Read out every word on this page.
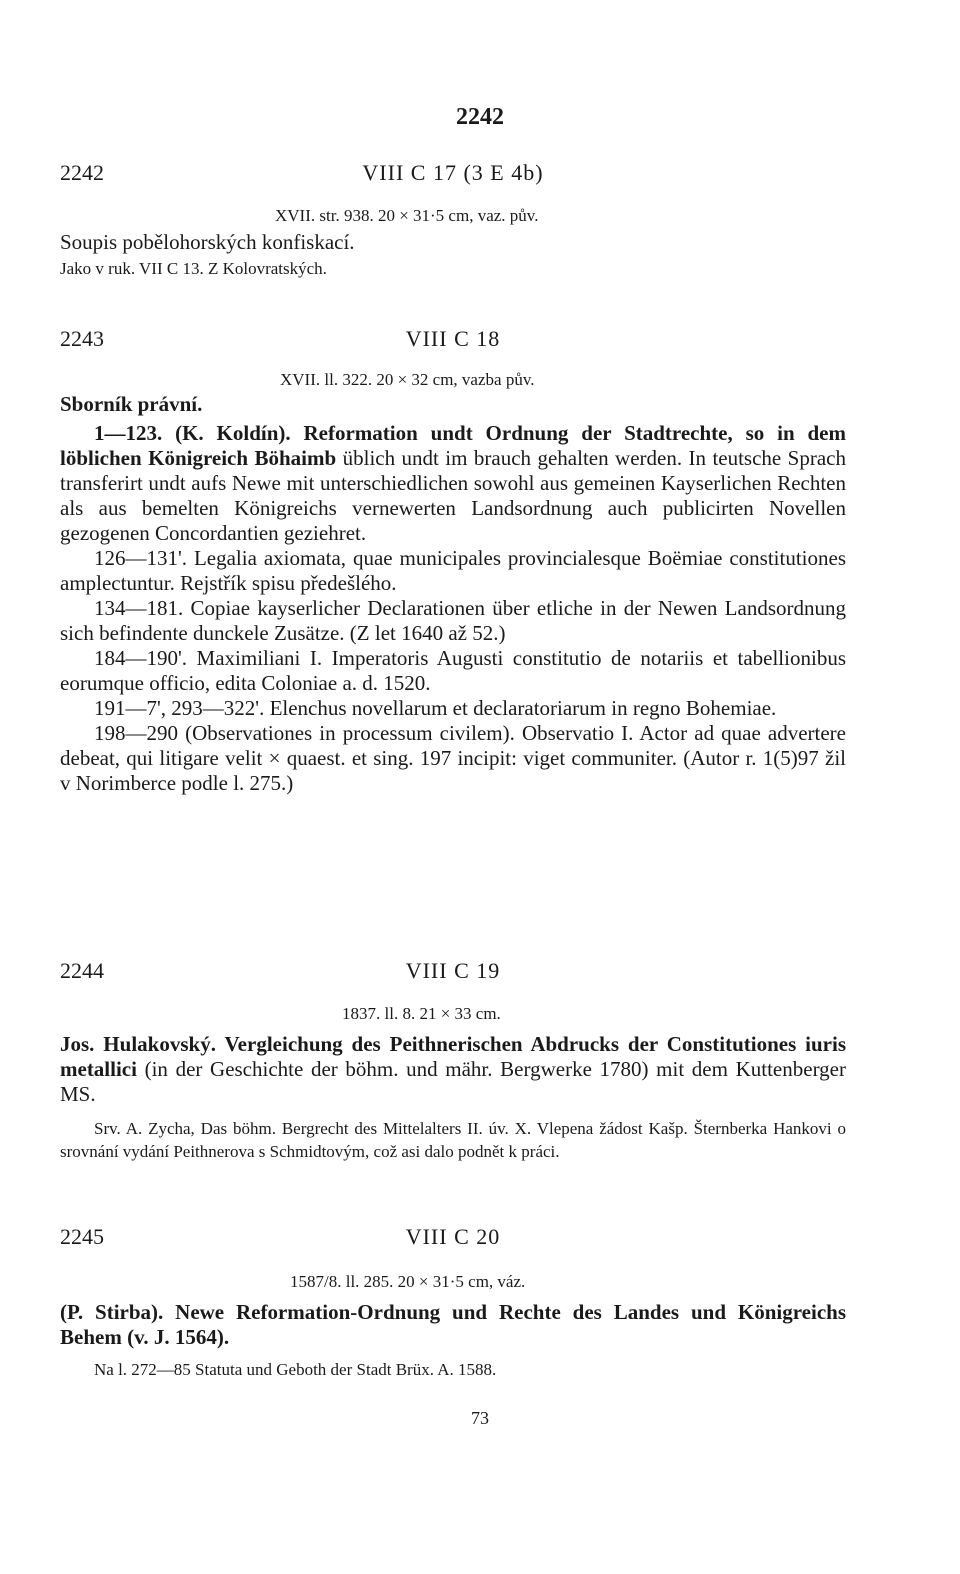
2242
2242	VIII C 17 (3 E 4b)

XVII. str. 938. 20 × 31·5 cm, vaz. pův.

Soupis pobělohorských konfiskací.

Jako v ruk. VII C 13. Z Kolovratských.

2243	VIII C 18

XVII. ll. 322. 20 × 32 cm, vazba pův.

Sborník právní.

1—123. (K. Koldín). Reformation undt Ordnung der Stadtrechte, so in dem löblichen Königreich Böhaimb üblich undt im brauch gehalten werden. In teutsche Sprach transferirt undt aufs Newe mit unterschiedlichen sowohl aus gemeinen Kayserlichen Rechten als aus bemelten Königreichs vernewerten Landsordnung auch publicirten Novellen gezogenen Concordantien geziehret.

126—131'. Legalia axiomata, quae municipales provincialesque Boëmiae constitutiones amplectuntur. Rejstřík spisu předešlého.

134—181. Copiae kayserlicher Declarationen über etliche in der Newen Landsordnung sich befindente dunckele Zusätze. (Z let 1640 až 52.)

184—190'. Maximiliani I. Imperatoris Augusti constitutio de notariis et tabellionibus eorumque officio, edita Coloniae a. d. 1520.

191—7', 293—322'. Elenchus novellarum et declaratoriarum in regno Bohemiae.

198—290 (Observationes in processum civilem). Observatio I. Actor ad quae advertere debeat, qui litigare velit × quaest. et sing. 197 incipit: viget communiter. (Autor r. 1(5)97 žil v Norimberce podle l. 275.)

2244	VIII C 19

1837. ll. 8. 21 × 33 cm.

Jos. Hulakovský. Vergleichung des Peithnerischen Abdrucks der Constitutiones iuris metallici (in der Geschichte der böhm. und mähr. Bergwerke 1780) mit dem Kuttenberger MS.

Srv. A. Zycha, Das böhm. Bergrecht des Mittelalters II. úv. X. Vlepena žádost Kašp. Šternberka Hankovi o srovnání vydání Peithnerova s Schmidtovým, což asi dalo podnět k práci.

2245	VIII C 20

1587/8. ll. 285. 20 × 31·5 cm, váz.

(P. Stirba). Newe Reformation-Ordnung und Rechte des Landes und Königreichs Behem (v. J. 1564).

Na l. 272—85 Statuta und Geboth der Stadt Brüx. A. 1588.

73
